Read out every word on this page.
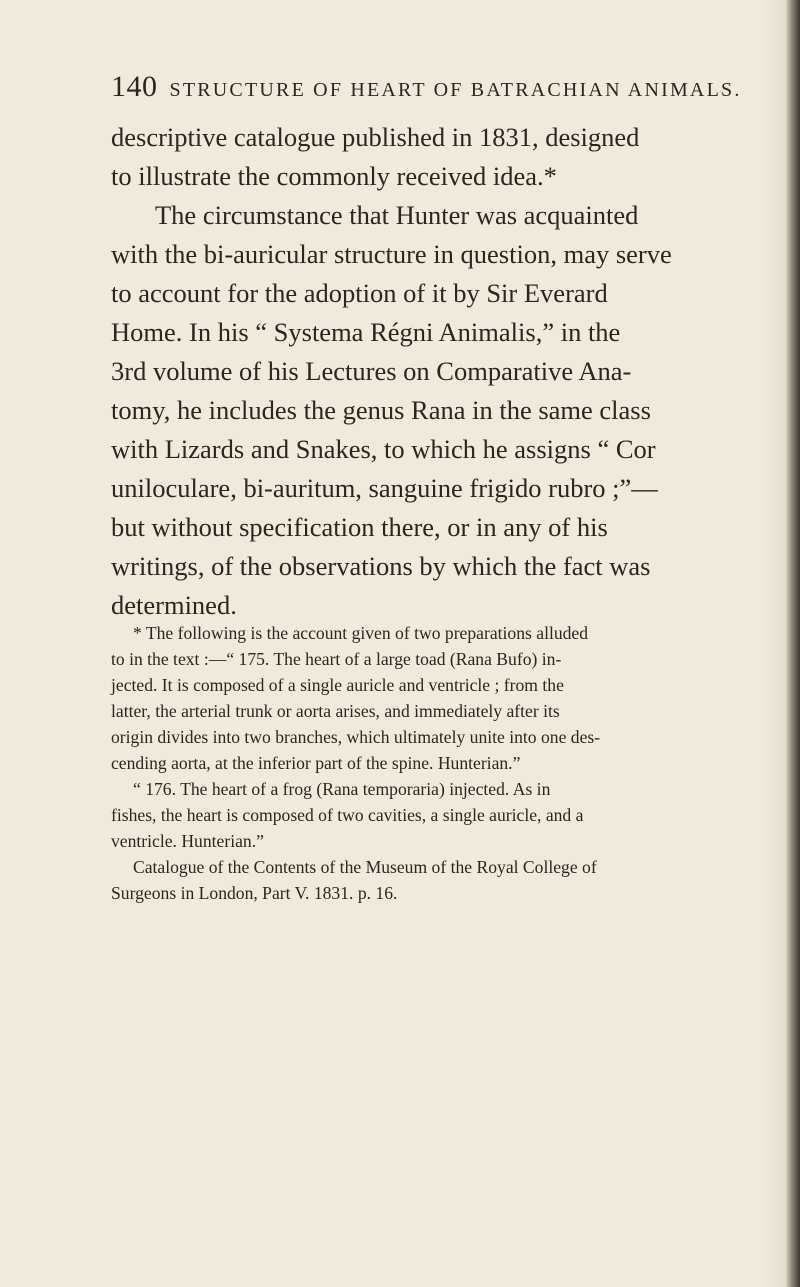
140 STRUCTURE OF HEART OF BATRACHIAN ANIMALS.
descriptive catalogue published in 1831, designed
to illustrate the commonly received idea.*
The circumstance that Hunter was acquainted
with the bi-auricular structure in question, may serve
to account for the adoption of it by Sir Everard
Home. In his “ Systema Régni Animalis,” in the
3rd volume of his Lectures on Comparative Ana-
tomy, he includes the genus Rana in the same class
with Lizards and Snakes, to which he assigns “ Cor
uniloculare, bi-auritum, sanguine frigido rubro ;”—
but without specification there, or in any of his
writings, of the observations by which the fact was
determined.
* The following is the account given of two preparations alluded
to in the text :—“ 175. The heart of a large toad (Rana Bufo) in-
jected. It is composed of a single auricle and ventricle ; from the
latter, the arterial trunk or aorta arises, and immediately after its
origin divides into two branches, which ultimately unite into one des-
cending aorta, at the inferior part of the spine. Hunterian.”
“ 176. The heart of a frog (Rana temporaria) injected. As in
fishes, the heart is composed of two cavities, a single auricle, and a
ventricle. Hunterian.”
Catalogue of the Contents of the Museum of the Royal College of
Surgeons in London, Part V. 1831. p. 16.
